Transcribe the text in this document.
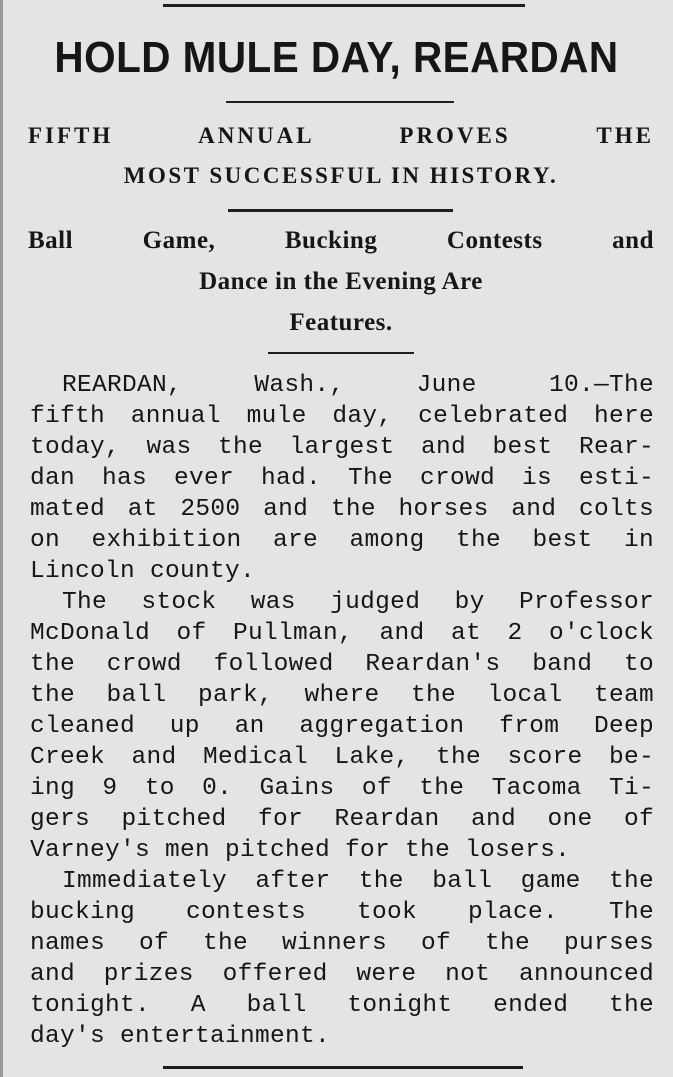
HOLD MULE DAY, REARDAN
FIFTH ANNUAL PROVES THE
MOST SUCCESSFUL IN HISTORY.
Ball Game, Bucking Contests and
Dance in the Evening Are
Features.
REARDAN, Wash., June 10.—The
fifth annual mule day, celebrated here
today, was the largest and best Rear-
dan has ever had. The crowd is esti-
mated at 2500 and the horses and colts
on exhibition are among the best in
Lincoln county.
The stock was judged by Professor
McDonald of Pullman, and at 2 o'clock
the crowd followed Reardan's band to
the ball park, where the local team
cleaned up an aggregation from Deep
Creek and Medical Lake, the score be-
ing 9 to 0. Gains of the Tacoma Ti-
gers pitched for Reardan and one of
Varney's men pitched for the losers.
Immediately after the ball game the
bucking contests took place. The
names of the winners of the purses
and prizes offered were not announced
tonight. A ball tonight ended the
day's entertainment.
